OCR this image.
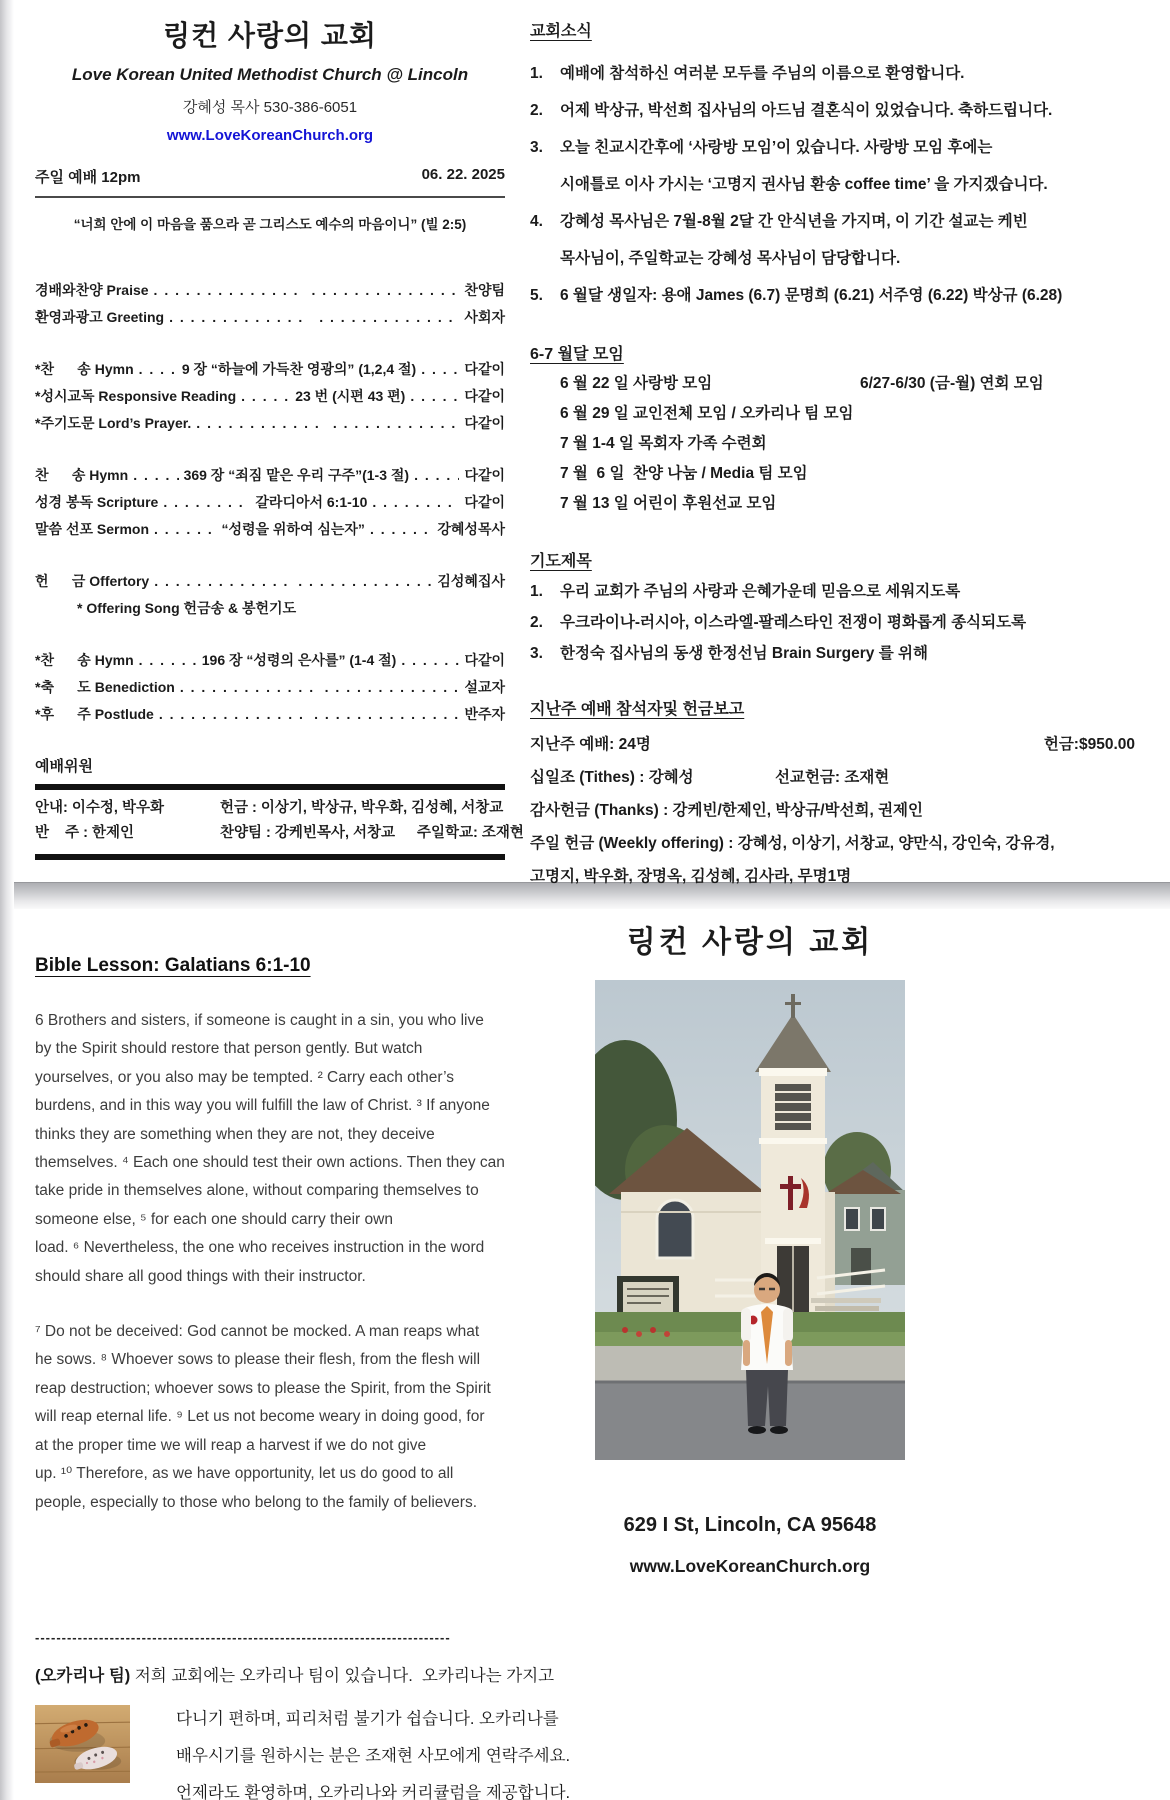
링컨 사랑의 교회
Love Korean United Methodist Church @ Lincoln
강혜성 목사 530-386-6051
www.LoveKoreanChurch.org
주일 예배 12pm	06. 22. 2025
“너희 안에 이 마음을 품으라 곧 그리스도 예수의 마음이니” (빌 2:5)
경배와찬양 Praise . . . . . .	찬양팀
환영과광고 Greeting . . . . . .	사회자
*찬      송 Hymn . . .	9 장 “하늘에 가득찬 영광의” (1,2,4 절) . . .	다같이
*성시교독 Responsive Reading . . .	23 번 (시편 43 편) . . .	다같이
*주기도문 Lord’s Prayer. . . . . . .	다같이
찬      송 Hymn . . .	369 장 “죄짐 맡은 우리 구주”(1-3 절) . . .	다같이
성경 봉독 Scripture . . .	갈라디아서 6:1-10 . . .	다같이
말씀 선포 Sermon . . .	“성령을 위하여 심는자” . . .	강혜성목사
헌      금 Offertory . . . . . .	김성혜집사
* Offering Song 헌금송 & 봉헌기도
*찬      송 Hymn . . .	196 장 “성령의 은사를” (1-4 절) . . .	다같이
*축      도 Benediction . . . . . .	설교자
*후      주 Postlude . . . . . .	반주자
예배위원
안내: 이수정, 박우화	헌금 : 이상기, 박상규, 박우화, 김성혜, 서창교
반    주 : 한제인	찬양팀 : 강케빈목사, 서창교	주일학교: 조재현
교회소식
1. 예배에 참석하신 여러분 모두를 주님의 이름으로 환영합니다.
2. 어제 박상규, 박선희 집사님의 아드님 결혼식이 있었습니다. 축하드립니다.
3. 오늘 친교시간후에 ‘사랑방 모임’이 있습니다. 사랑방 모임 후에는
시애틀로 이사 가시는 ‘고명지 권사님 환송 coffee time’ 을 가지겠습니다.
4. 강혜성 목사님은 7월-8월 2달 간 안식년을 가지며, 이 기간 설교는 케빈
목사님이, 주일학교는 강혜성 목사님이 담당합니다.
5. 6 월달 생일자: 용애 James (6.7) 문명희 (6.21) 서주영 (6.22) 박상규 (6.28)
6-7 월달 모임
6 월 22 일 사랑방 모임	6/27-6/30 (금-월) 연회 모임
6 월 29 일 교인전체 모임 / 오카리나 팀 모임
7 월 1-4 일 목회자 가족 수련회
7 월  6 일  찬양 나눔 / Media 팀 모임
7 월 13 일 어린이 후원선교 모임
기도제목
1. 우리 교회가 주님의 사랑과 은혜가운데 믿음으로 세워지도록
2. 우크라이나-러시아, 이스라엘-팔레스타인 전쟁이 평화롭게 종식되도록
3. 한정숙 집사님의 동생 한정선님 Brain Surgery 를 위해
지난주 예배 참석자및 헌금보고
지난주 예배: 24명	헌금:$950.00
십일조 (Tithes) : 강혜성	선교헌금: 조재현
감사헌금 (Thanks) : 강케빈/한제인, 박상규/박선희, 권제인
주일 헌금 (Weekly offering) : 강혜성, 이상기, 서창교, 양만식, 강인숙, 강유경,
고명지, 박우화, 장명옥, 김성혜, 김사라, 무명1명
Bible Lesson: Galatians 6:1-10
6 Brothers and sisters, if someone is caught in a sin, you who live
by the Spirit should restore that person gently. But watch
yourselves, or you also may be tempted. ² Carry each other’s
burdens, and in this way you will fulfill the law of Christ. ³ If anyone
thinks they are something when they are not, they deceive
themselves. ⁴ Each one should test their own actions. Then they can
take pride in themselves alone, without comparing themselves to
someone else, ⁵ for each one should carry their own
load. ⁶ Nevertheless, the one who receives instruction in the word
should share all good things with their instructor.
⁷ Do not be deceived: God cannot be mocked. A man reaps what
he sows. ⁸ Whoever sows to please their flesh, from the flesh will
reap destruction; whoever sows to please the Spirit, from the Spirit
will reap eternal life. ⁹ Let us not become weary in doing good, for
at the proper time we will reap a harvest if we do not give
up. ¹⁰ Therefore, as we have opportunity, let us do good to all
people, especially to those who belong to the family of believers.
------------------------------------------------------------------------------
(오카리나 팀) 저희 교회에는 오카리나 팀이 있습니다.  오카리나는 가지고
다니기 편하며, 피리처럼 불기가 쉽습니다. 오카리나를
배우시기를 원하시는 분은 조재현 사모에게 연락주세요.
언제라도 환영하며, 오카리나와 커리큘럼을 제공합니다.
링컨 사랑의 교회
629 I St, Lincoln, CA 95648
www.LoveKoreanChurch.org
